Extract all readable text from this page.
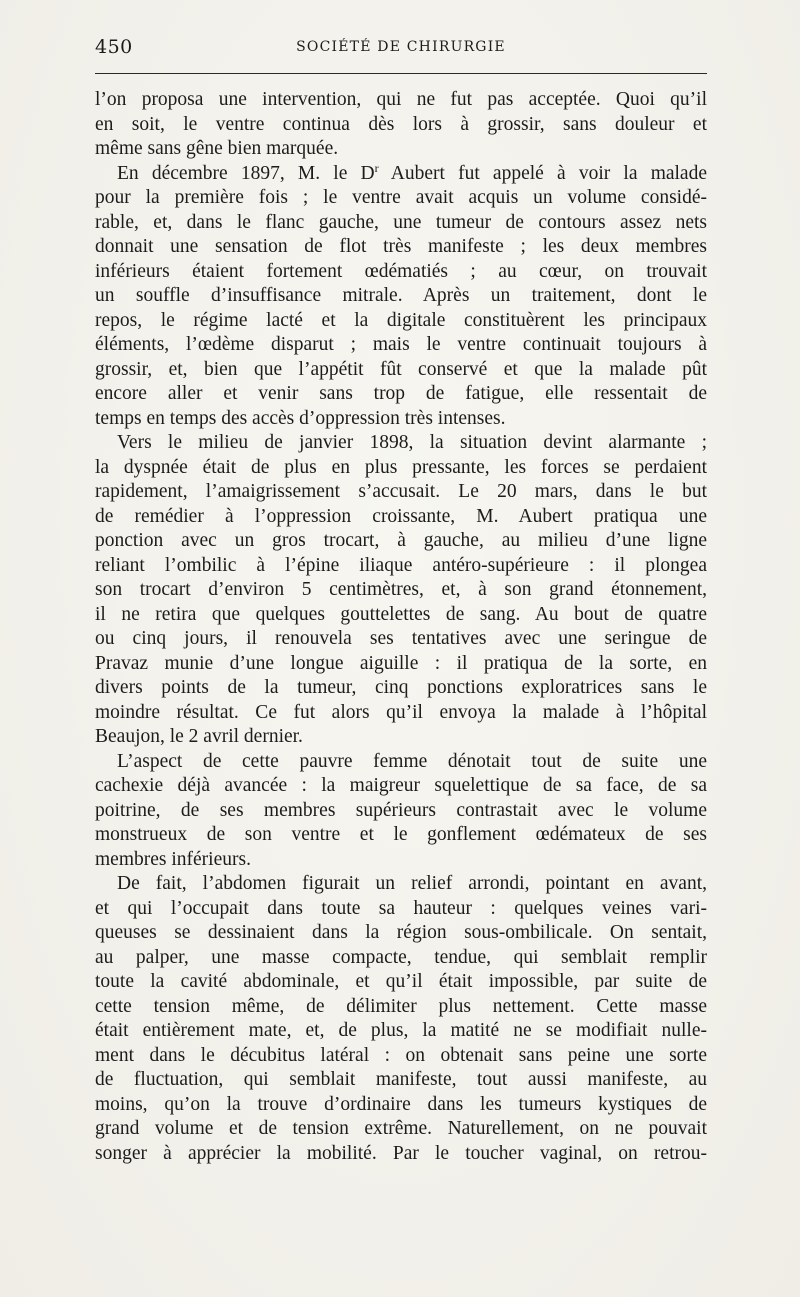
450	SOCIÉTÉ DE CHIRURGIE

l’on proposa une intervention, qui ne fut pas acceptée. Quoi qu’il
en soit, le ventre continua dès lors à grossir, sans douleur et
même sans gêne bien marquée.

En décembre 1897, M. le $D^r$ Aubert fut appelé à voir la malade
pour la première fois ; le ventre avait acquis un volume considé-
rable, et, dans le flanc gauche, une tumeur de contours assez nets
donnait une sensation de flot très manifeste ; les deux membres
inférieurs étaient fortement œdématiés ; au cœur, on trouvait
un souffle d’insuffisance mitrale. Après un traitement, dont le
repos, le régime lacté et la digitale constituèrent les principaux
éléments, l’œdème disparut ; mais le ventre continuait toujours à
grossir, et, bien que l’appétit fût conservé et que la malade pût
encore aller et venir sans trop de fatigue, elle ressentait de
temps en temps des accès d’oppression très intenses.

Vers le milieu de janvier 1898, la situation devint alarmante ;
la dyspnée était de plus en plus pressante, les forces se perdaient
rapidement, l’amaigrissement s’accusait. Le 20 mars, dans le but
de remédier à l’oppression croissante, M. Aubert pratiqua une
ponction avec un gros trocart, à gauche, au milieu d’une ligne
reliant l’ombilic à l’épine iliaque antéro-supérieure : il plongea
son trocart d’environ 5 centimètres, et, à son grand étonnement,
il ne retira que quelques gouttelettes de sang. Au bout de quatre
ou cinq jours, il renouvela ses tentatives avec une seringue de
Pravaz munie d’une longue aiguille : il pratiqua de la sorte, en
divers points de la tumeur, cinq ponctions exploratrices sans le
moindre résultat. Ce fut alors qu’il envoya la malade à l’hôpital
Beaujon, le 2 avril dernier.

L’aspect de cette pauvre femme dénotait tout de suite une
cachexie déjà avancée : la maigreur squelettique de sa face, de sa
poitrine, de ses membres supérieurs contrastait avec le volume
monstrueux de son ventre et le gonflement œdémateux de ses
membres inférieurs.

De fait, l’abdomen figurait un relief arrondi, pointant en avant,
et qui l’occupait dans toute sa hauteur : quelques veines vari-
queuses se dessinaient dans la région sous-ombilicale. On sentait,
au palper, une masse compacte, tendue, qui semblait remplir
toute la cavité abdominale, et qu’il était impossible, par suite de
cette tension même, de délimiter plus nettement. Cette masse
était entièrement mate, et, de plus, la matité ne se modifiait nulle-
ment dans le décubitus latéral : on obtenait sans peine une sorte
de fluctuation, qui semblait manifeste, tout aussi manifeste, au
moins, qu’on la trouve d’ordinaire dans les tumeurs kystiques de
grand volume et de tension extrême. Naturellement, on ne pouvait
songer à apprécier la mobilité. Par le toucher vaginal, on retrou-
